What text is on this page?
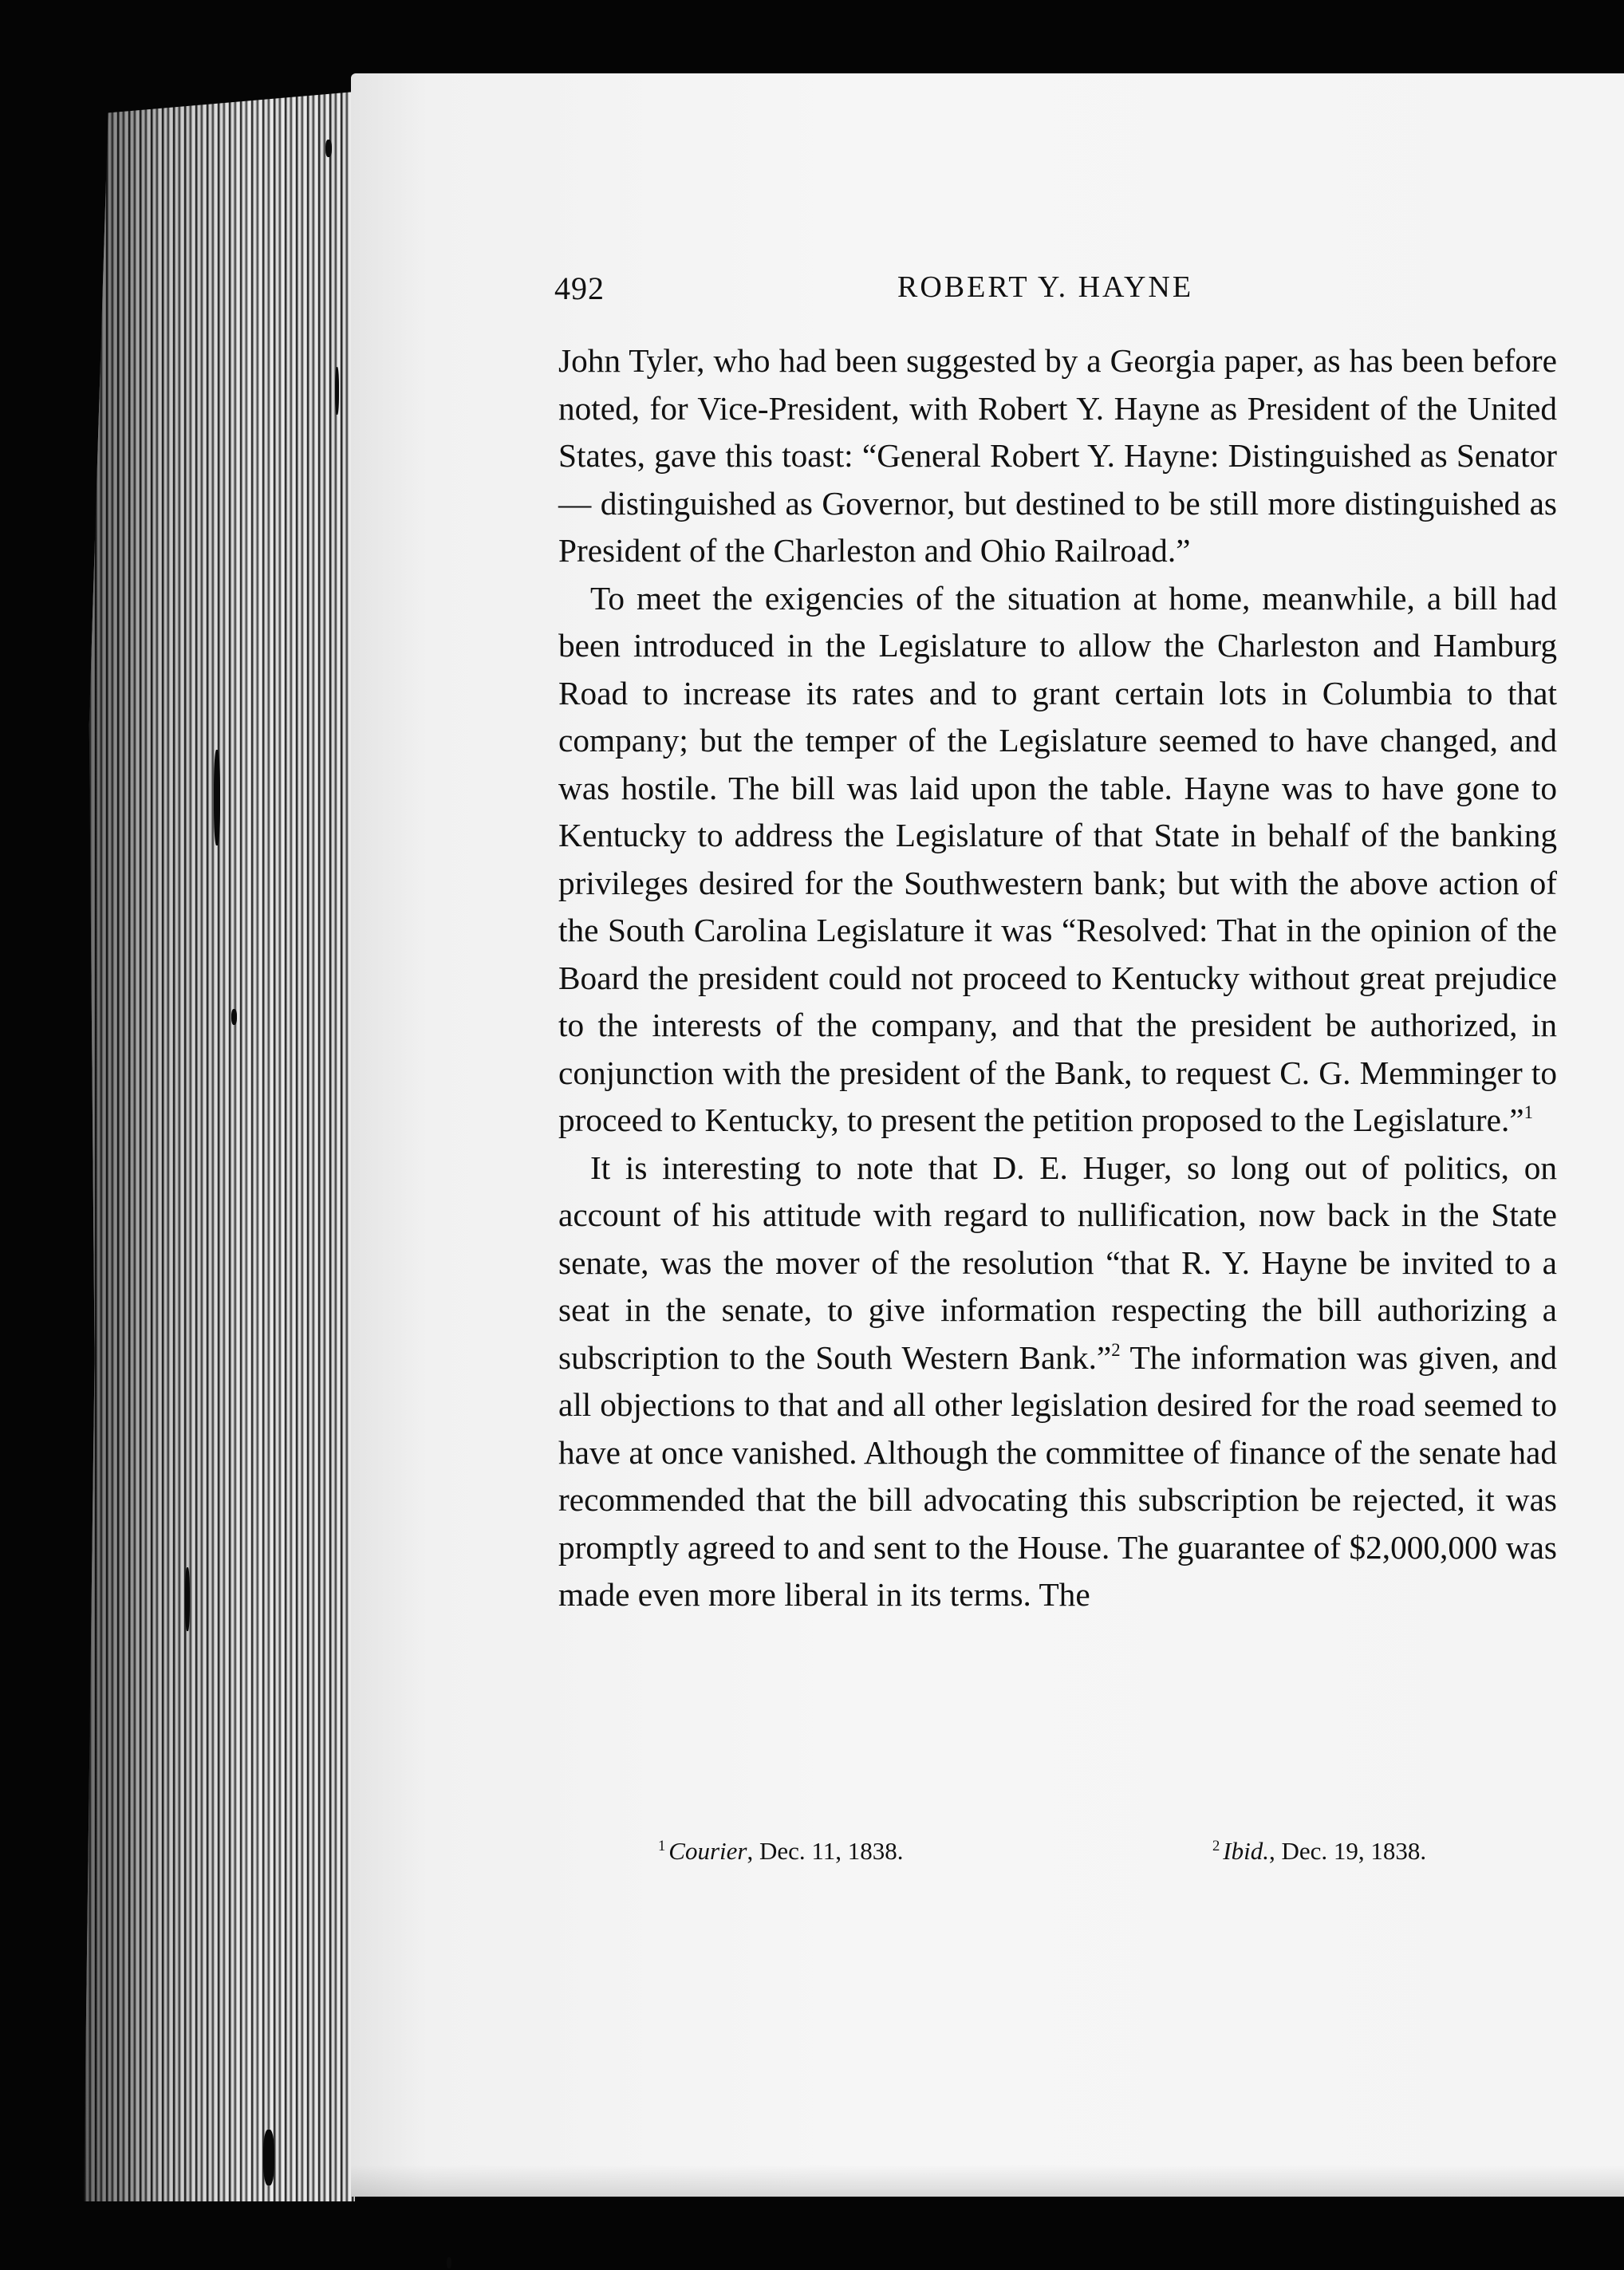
492	ROBERT Y. HAYNE

John Tyler, who had been suggested by a Georgia paper, as has been before noted, for Vice-President, with Robert Y. Hayne as President of the United States, gave this toast: “General Robert Y. Hayne: Distinguished as Senator — distinguished as Governor, but destined to be still more distinguished as President of the Charleston and Ohio Railroad.”

To meet the exigencies of the situation at home, meanwhile, a bill had been introduced in the Legislature to allow the Charleston and Hamburg Road to increase its rates and to grant certain lots in Columbia to that company; but the temper of the Legislature seemed to have changed, and was hostile. The bill was laid upon the table. Hayne was to have gone to Kentucky to address the Legislature of that State in behalf of the banking privileges desired for the Southwestern bank; but with the above action of the South Carolina Legislature it was “Resolved: That in the opinion of the Board the president could not proceed to Kentucky without great prejudice to the interests of the company, and that the president be authorized, in conjunction with the president of the Bank, to request C. G. Memminger to proceed to Kentucky, to present the petition proposed to the Legislature.”$^1$

It is interesting to note that D. E. Huger, so long out of politics, on account of his attitude with regard to nullification, now back in the State senate, was the mover of the resolution “that R. Y. Hayne be invited to a seat in the senate, to give information respecting the bill authorizing a subscription to the South Western Bank.”$^2$ The information was given, and all objections to that and all other legislation desired for the road seemed to have at once vanished. Although the committee of finance of the senate had recommended that the bill advocating this subscription be rejected, it was promptly agreed to and sent to the House. The guarantee of $2,000,000 was made even more liberal in its terms. The

$^1$ Courier, Dec. 11, 1838.	$^2$ Ibid., Dec. 19, 1838.
